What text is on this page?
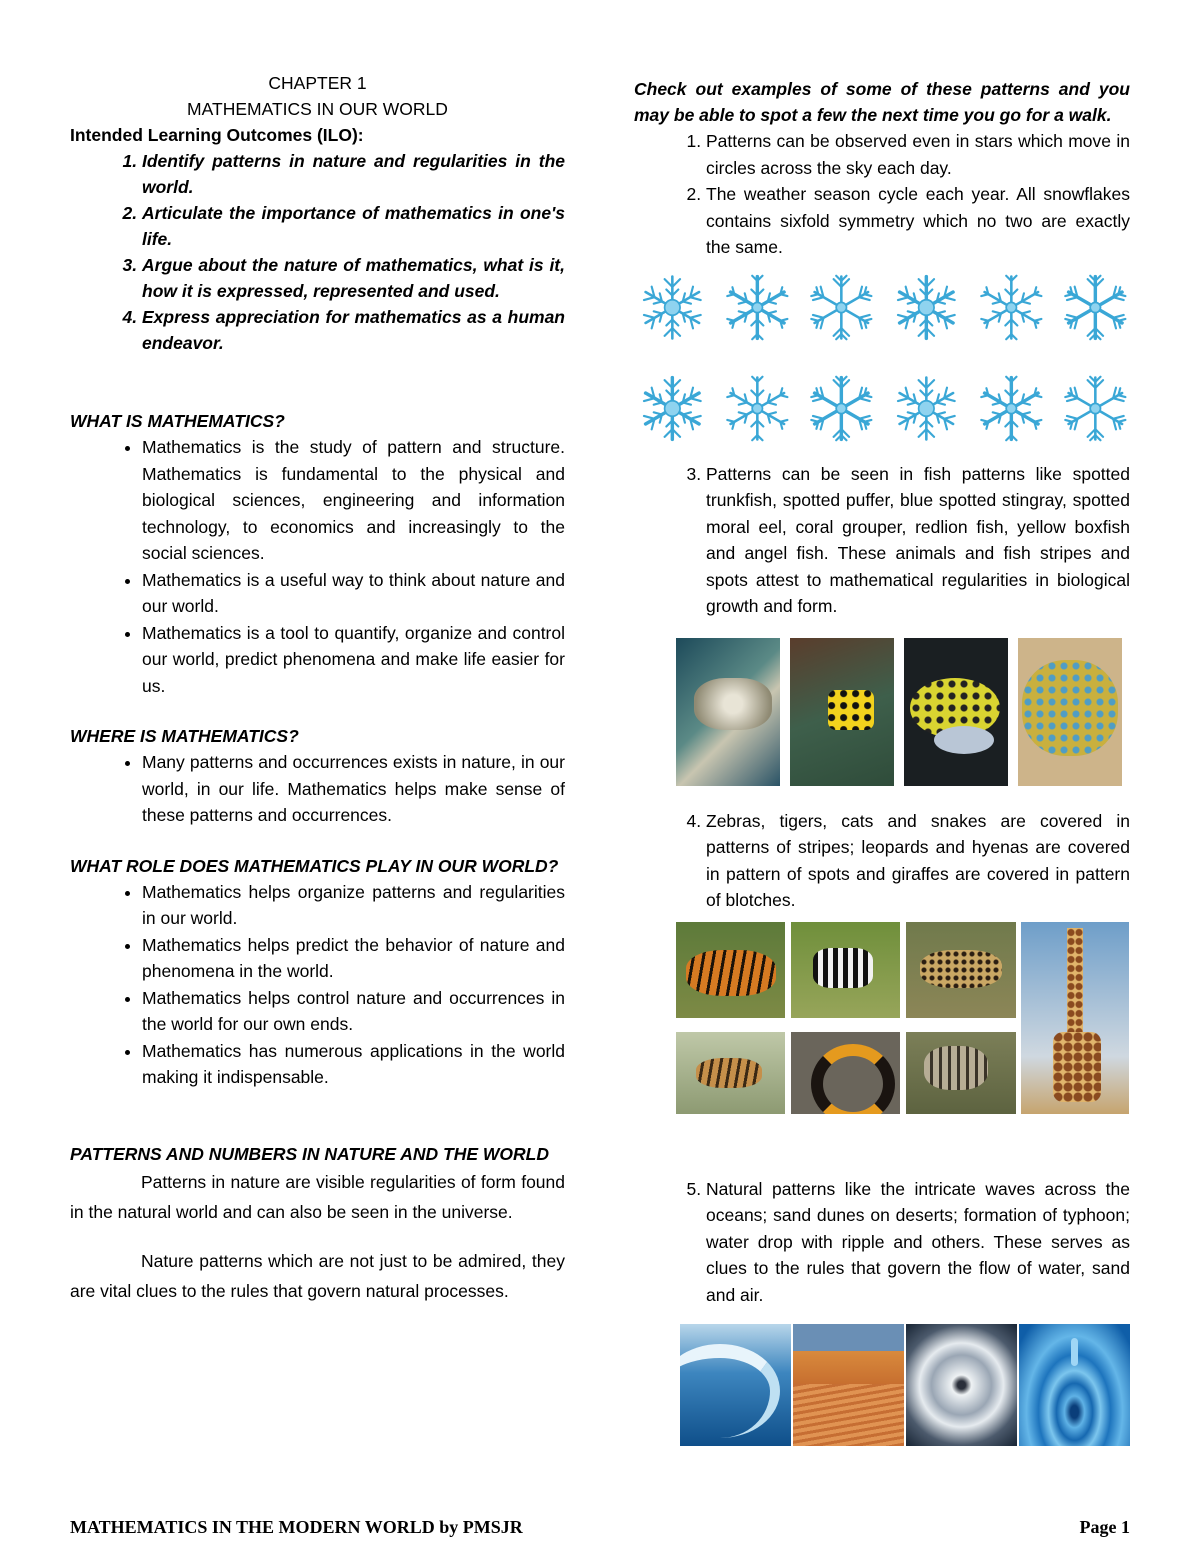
CHAPTER 1
MATHEMATICS IN OUR WORLD
Intended Learning Outcomes (ILO):
1. Identify patterns in nature and regularities in the world.
2. Articulate the importance of mathematics in one's life.
3. Argue about the nature of mathematics, what is it, how it is expressed, represented and used.
4. Express appreciation for mathematics as a human endeavor.

WHAT IS MATHEMATICS?

• Mathematics is the study of pattern and structure. Mathematics is fundamental to the physical and biological sciences, engineering and information technology, to economics and increasingly to the social sciences.
• Mathematics is a useful way to think about nature and our world.
• Mathematics is a tool to quantify, organize and control our world, predict phenomena and make life easier for us.

WHERE IS MATHEMATICS?

• Many patterns and occurrences exists in nature, in our world, in our life. Mathematics helps make sense of these patterns and occurrences.

WHAT ROLE DOES MATHEMATICS PLAY IN OUR WORLD?

• Mathematics helps organize patterns and regularities in our world.
• Mathematics helps predict the behavior of nature and phenomena in the world.
• Mathematics helps control nature and occurrences in the world for our own ends.
• Mathematics has numerous applications in the world making it indispensable.

PATTERNS AND NUMBERS IN NATURE AND THE WORLD

Patterns in nature are visible regularities of form found in the natural world and can also be seen in the universe.

Nature patterns which are not just to be admired, they are vital clues to the rules that govern natural processes.

Check out examples of some of these patterns and you may be able to spot a few the next time you go for a walk.

1. Patterns can be observed even in stars which move in circles across the sky each day.
2. The weather season cycle each year. All snowflakes contains sixfold symmetry which no two are exactly the same.
3. Patterns can be seen in fish patterns like spotted trunkfish, spotted puffer, blue spotted stingray, spotted moral eel, coral grouper, redlion fish, yellow boxfish and angel fish. These animals and fish stripes and spots attest to mathematical regularities in biological growth and form.
4. Zebras, tigers, cats and snakes are covered in patterns of stripes; leopards and hyenas are covered in pattern of spots and giraffes are covered in pattern of blotches.
5. Natural patterns like the intricate waves across the oceans; sand dunes on deserts; formation of typhoon; water drop with ripple and others. These serves as clues to the rules that govern the flow of water, sand and air.
MATHEMATICS IN THE MODERN WORLD by PMSJR	Page 1
